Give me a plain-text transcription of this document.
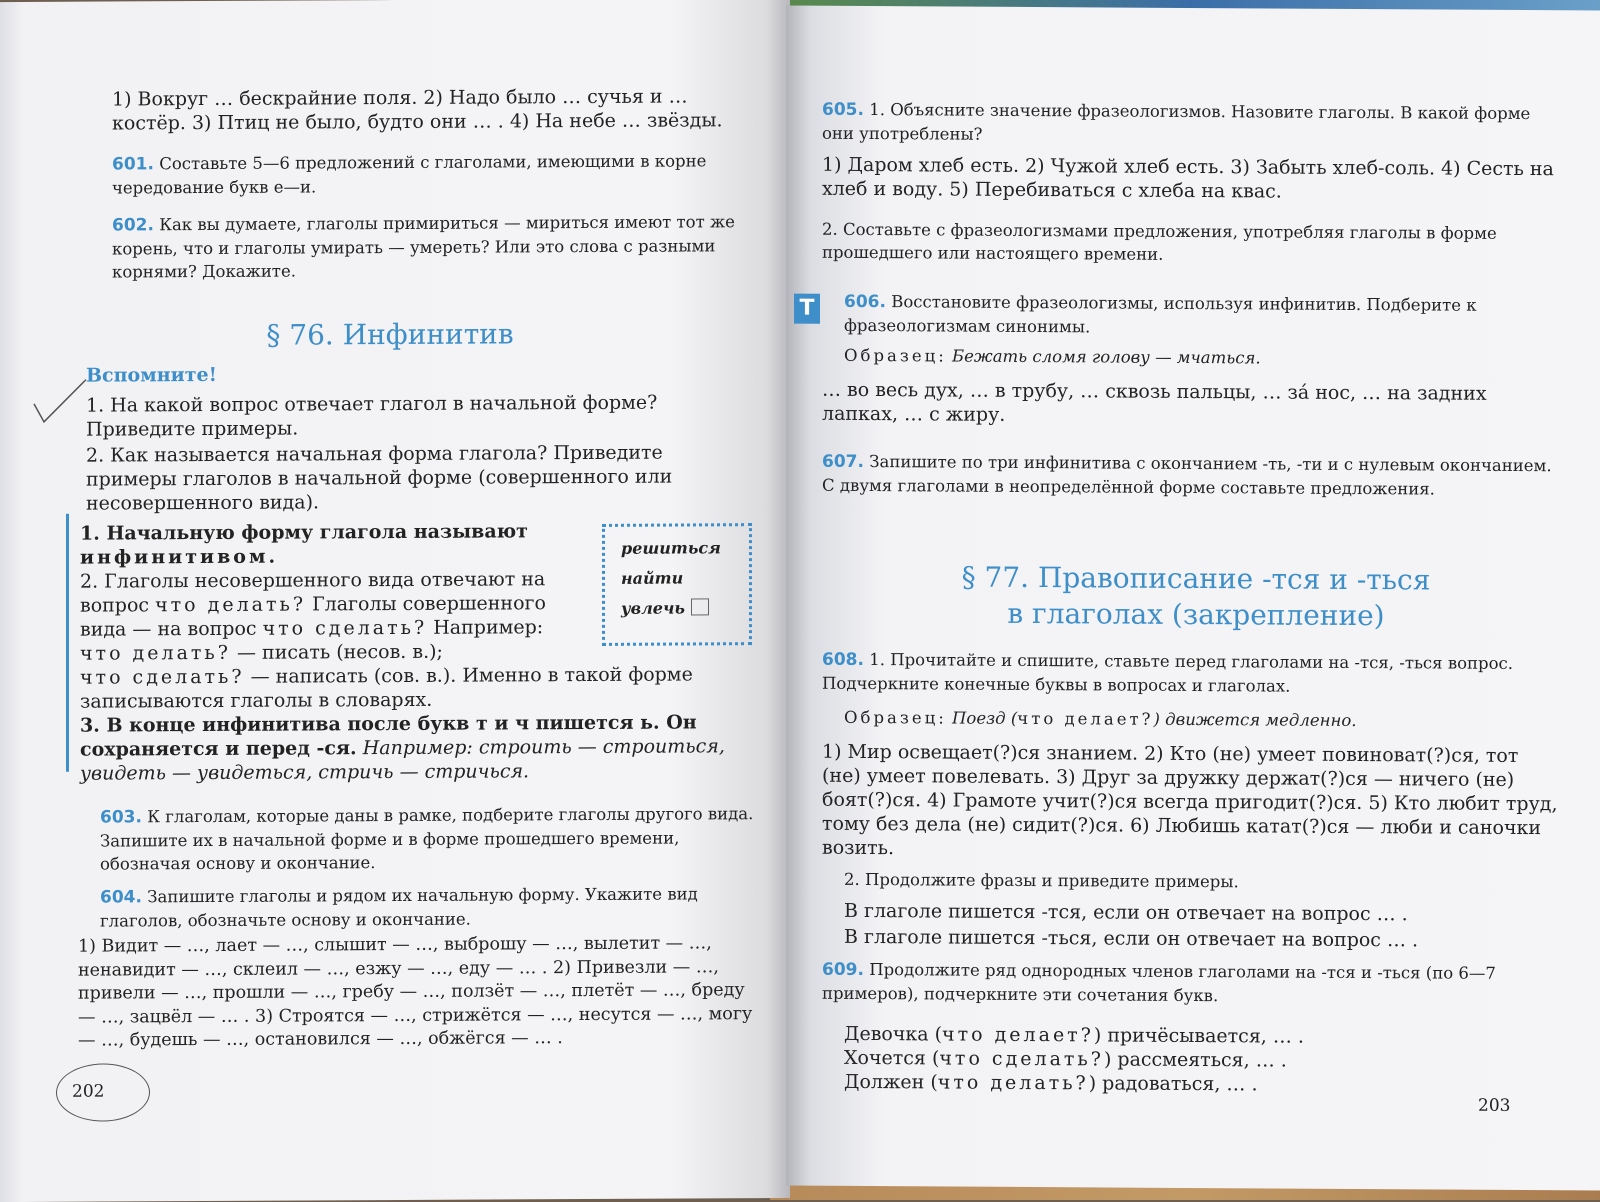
1) Вокруг … бескрайние поля. 2) Надо было … сучья и … костёр. 3) Птиц не было, будто они … . 4) На небе … звёзды.

601. Составьте 5—6 предложений с глаголами, имеющими в корне чередование букв е—и.

602. Как вы думаете, глаголы примириться — мириться имеют тот же корень, что и глаголы умирать — умереть? Или это слова с разными корнями? Докажите.

§ 76. Инфинитив

Вспомните!

1. На какой вопрос отвечает глагол в начальной форме? Приведите примеры.

2. Как называется начальная форма глагола? Приведите примеры глаголов в начальной форме (совершенного или несовершенного вида).

1. Начальную форму глагола называют инфинитивом.
2. Глаголы несовершенного вида отвечают на вопрос что делать? Глаголы совершенного вида — на вопрос что сделать? Например: что делать? — писать (несов. в.);
что сделать? — написать (сов. в.). Именно в такой форме записываются глаголы в словарях.
3. В конце инфинитива после букв т и ч пишется ь. Он сохраняется и перед -ся. Например: строить — строиться, увидеть — увидеться, стричь — стричься.

решиться

найти

увлечь

603. К глаголам, которые даны в рамке, подберите глаголы другого вида. Запишите их в начальной форме и в форме прошедшего времени, обозначая основу и окончание.

604. Запишите глаголы и рядом их начальную форму. Укажите вид глаголов, обозначьте основу и окончание.

1) Видит — …, лает — …, слышит — …, выброшу — …, вылетит — …, ненавидит — …, склеил — …, езжу — …, еду — … . 2) Привезли — …, привели — …, прошли — …, гребу — …, ползёт — …, плетёт — …, бреду — …, зацвёл — … . 3) Строятся — …, стрижётся — …, несутся — …, могу — …, будешь — …, остановился — …, обжёгся — … .

202

605. 1. Объясните значение фразеологизмов. Назовите глаголы. В какой форме они употреблены?

1) Даром хлеб есть. 2) Чужой хлеб есть. 3) Забыть хлеб-соль. 4) Сесть на хлеб и воду. 5) Перебиваться с хлеба на квас.

2. Составьте с фразеологизмами предложения, употребляя глаголы в форме прошедшего или настоящего времени.

Т	606. Восстановите фразеологизмы, используя инфинитив. Подберите к фразеологизмам синонимы.

Образец: Бежать сломя голову — мчаться.

… во весь дух, … в трубу, … сквозь пальцы, … за́ нос, … на задних лапках, … с жиру.

607. Запишите по три инфинитива с окончанием -ть, -ти и с нулевым окончанием. С двумя глаголами в неопределённой форме составьте предложения.

§ 77. Правописание -тся и -ться

в глаголах (закрепление)

608. 1. Прочитайте и спишите, ставьте перед глаголами на -тся, -ться вопрос. Подчеркните конечные буквы в вопросах и глаголах.

Образец: Поезд (что делает?) движется медленно.

1) Мир освещает(?)ся знанием. 2) Кто (не) умеет повиноват(?)ся, тот (не) умеет повелевать. 3) Друг за дружку держат(?)ся — ничего (не) боят(?)ся. 4) Грамоте учит(?)ся всегда пригодит(?)ся. 5) Кто любит труд, тому без дела (не) сидит(?)ся. 6) Любишь катат(?)ся — люби и саночки возить.

2. Продолжите фразы и приведите примеры.

В глаголе пишется -тся, если он отвечает на вопрос … .

В глаголе пишется -ться, если он отвечает на вопрос … .

609. Продолжите ряд однородных членов глаголами на -тся и -ться (по 6—7 примеров), подчеркните эти сочетания букв.

Девочка (что делает?) причёсывается, … .

Хочется (что сделать?) рассмеяться, … .

Должен (что делать?) радоваться, … .

203
